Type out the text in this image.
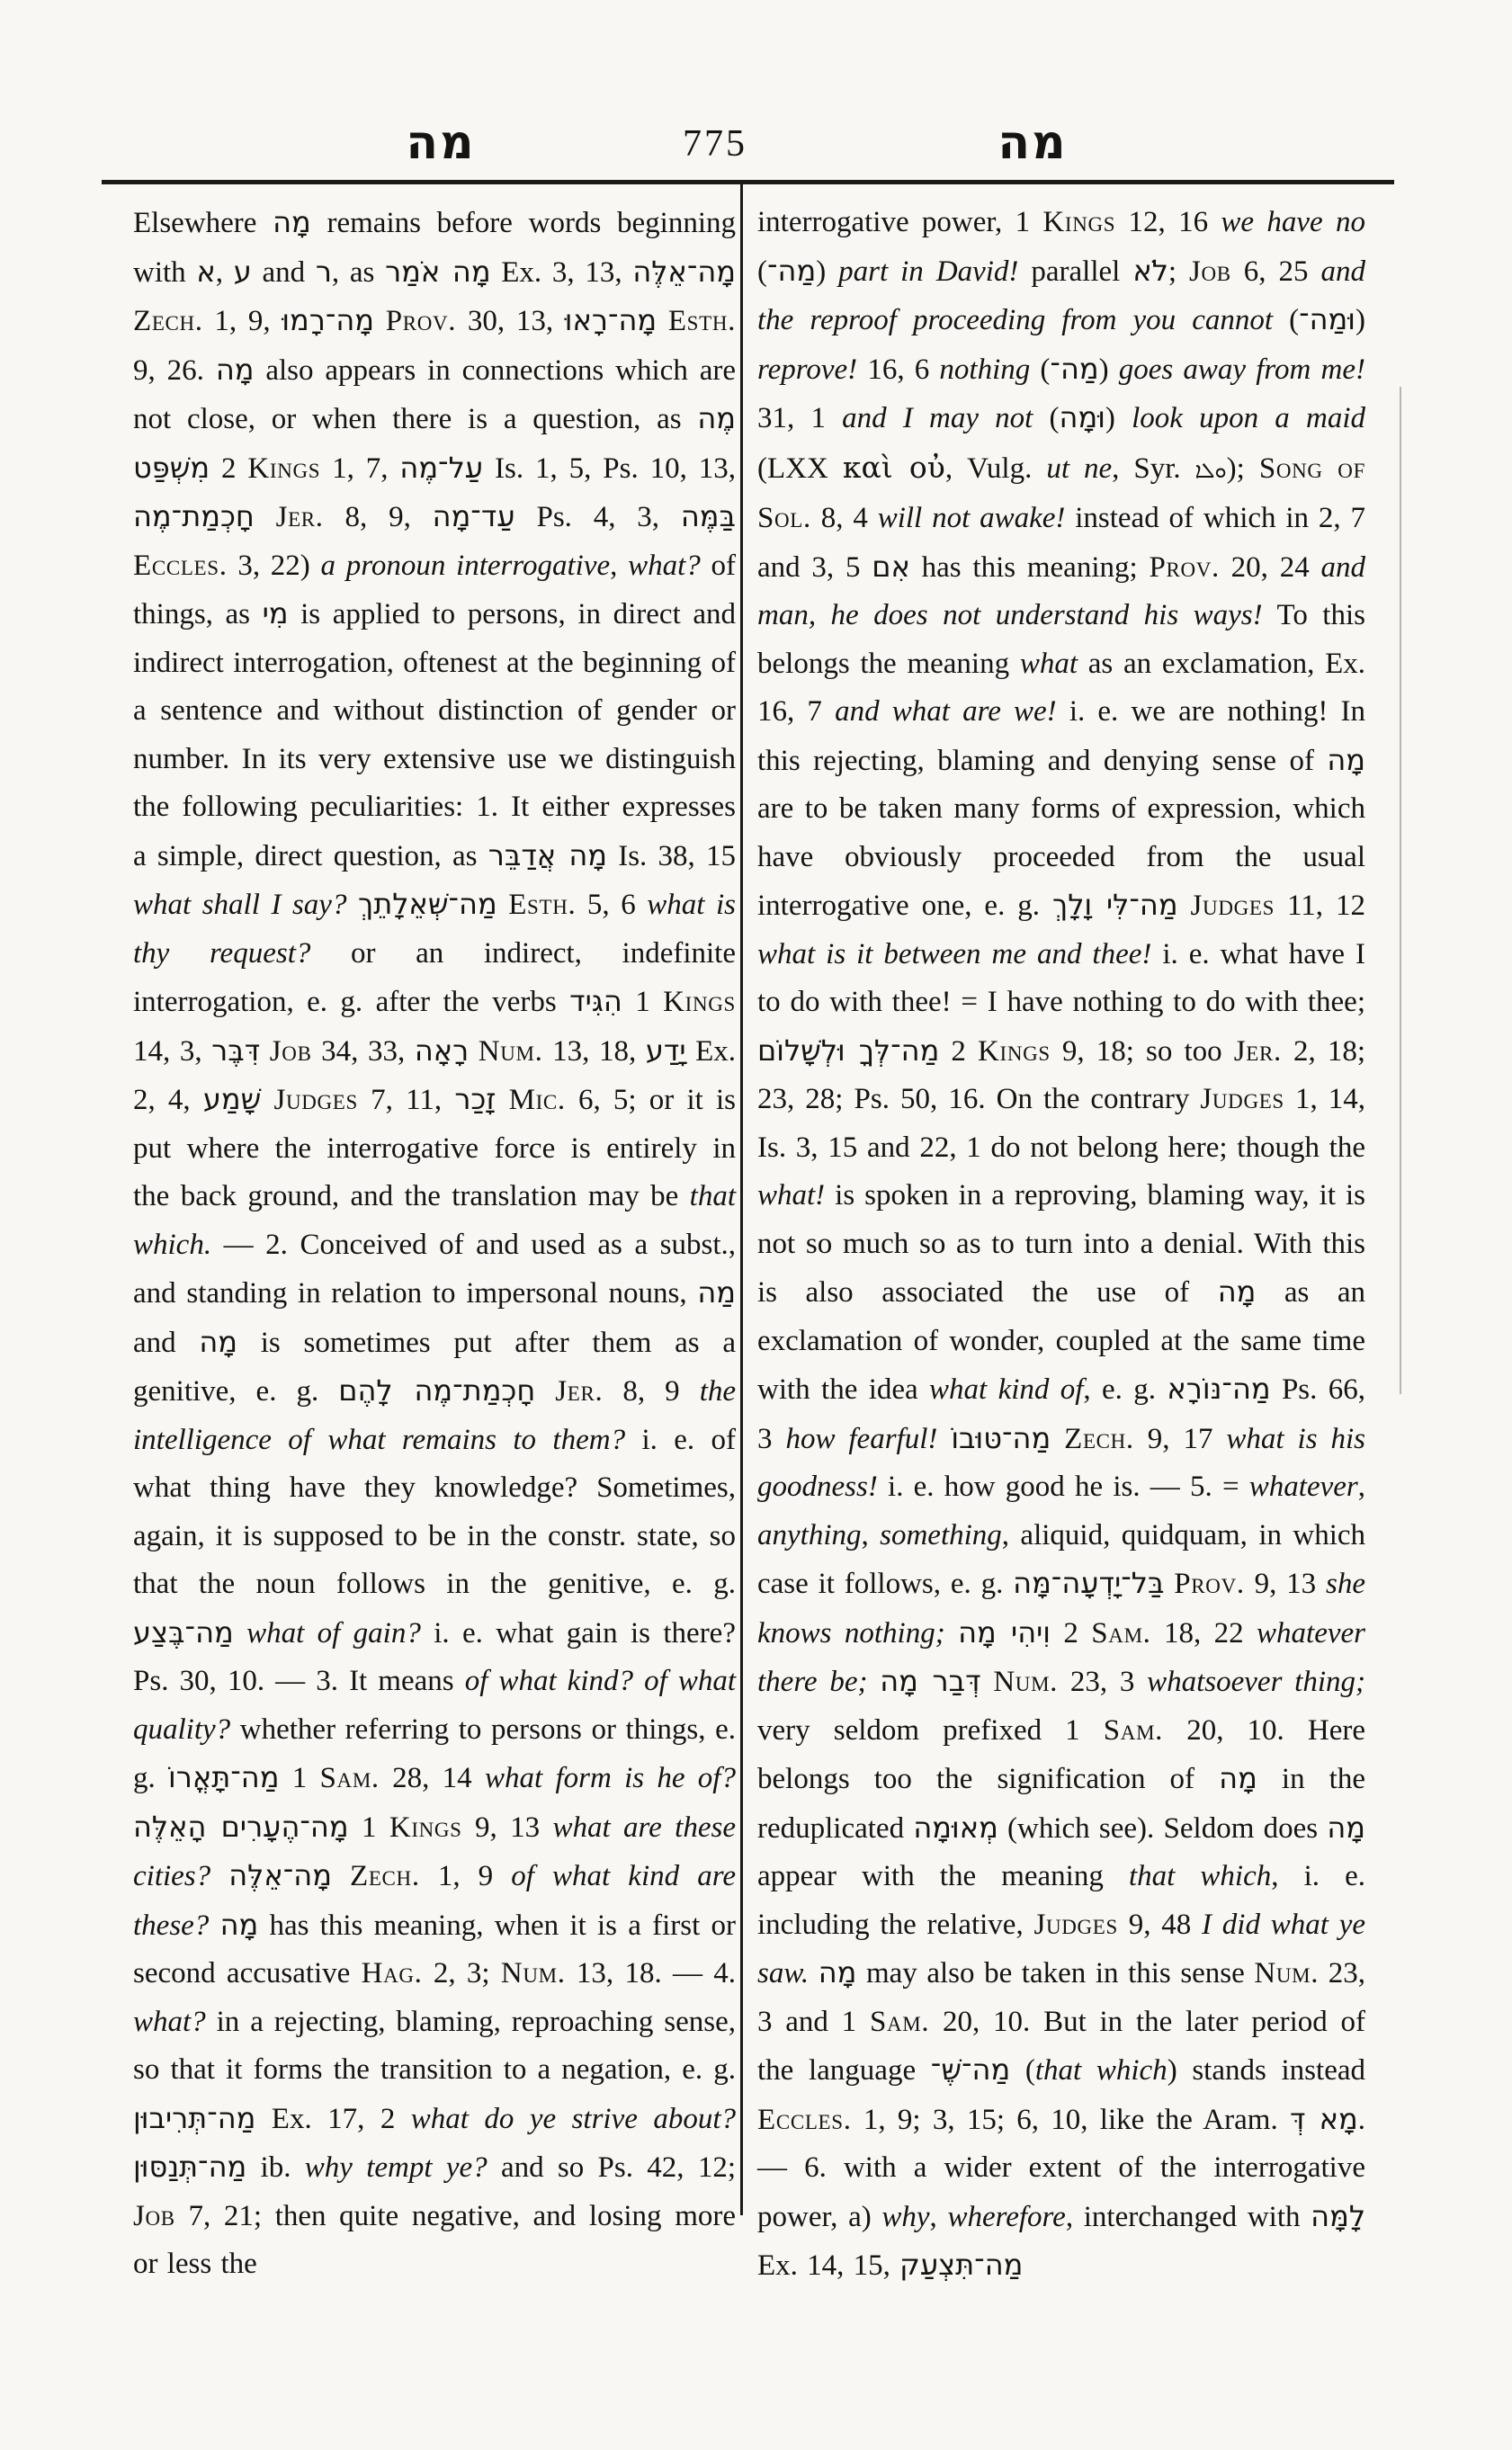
מה	775	מה
Elsewhere מָה remains before words beginning with א, ע and ר, as מָה אֹמַר Ex. 3, 13, מָה־אֵלֶּה Zech. 1, 9, מָה־רָמוּ Prov. 30, 13, מָה־רָאוּ Esth. 9, 26. מָה also appears in connections which are not close, or when there is a question, as מֶה מִשְׁפַּט 2 Kings 1, 7, עַל־מֶה Is. 1, 5, Ps. 10, 13, חָכְמַת־מֶה Jer. 8, 9, עַד־מָה Ps. 4, 3, בַּמֶּה Eccles. 3, 22) a pronoun interrogative, what? of things, as מִי is applied to persons, in direct and indirect interrogation, oftenest at the beginning of a sentence and without distinction of gender or number. In its very extensive use we distinguish the following peculiarities: 1. It either expresses a simple, direct question, as מָה אֲדַבֵּר Is. 38, 15 what shall I say? מַה־שְּׁאֵלָתֵךְ Esth. 5, 6 what is thy request? or an indirect, indefinite interrogation, e. g. after the verbs הִגִּיד 1 Kings 14, 3, דִּבֶּר Job 34, 33, רָאָה Num. 13, 18, יָדַע Ex. 2, 4, שָׁמַע Judges 7, 11, זָכַר Mic. 6, 5; or it is put where the interrogative force is entirely in the back ground, and the translation may be that which. — 2. Conceived of and used as a subst., and standing in relation to impersonal nouns, מַה and מָה is sometimes put after them as a genitive, e. g. חָכְמַת־מֶה לָהֶם Jer. 8, 9 the intelligence of what remains to them? i. e. of what thing have they knowledge? Sometimes, again, it is supposed to be in the constr. state, so that the noun follows in the genitive, e. g. מַה־בֶּצַע what of gain? i. e. what gain is there? Ps. 30, 10. — 3. It means of what kind? of what quality? whether referring to persons or things, e. g. מַה־תָּאֳרוֹ 1 Sam. 28, 14 what form is he of? מָה־הֶעָרִים הָאֵלֶּה 1 Kings 9, 13 what are these cities? מָה־אֵלֶּה Zech. 1, 9 of what kind are these? מָה has this meaning, when it is a first or second accusative Hag. 2, 3; Num. 13, 18. — 4. what? in a rejecting, blaming, reproaching sense, so that it forms the transition to a negation, e. g. מַה־תְּרִיבוּן Ex. 17, 2 what do ye strive about? מַה־תְּנַסּוּן ib. why tempt ye? and so Ps. 42, 12; Job 7, 21; then quite negative, and losing more or less the
interrogative power, 1 Kings 12, 16 we have no (מַה־) part in David! parallel לֹא; Job 6, 25 and the reproof proceeding from you cannot (וּמַה־) reprove! 16, 6 nothing (מַה־) goes away from me! 31, 1 and I may not (וּמָה) look upon a maid (LXX καὶ οὐ, Vulg. ut ne, Syr. ܘܠܐ); Song of Sol. 8, 4 will not awake! instead of which in 2, 7 and 3, 5 אִם has this meaning; Prov. 20, 24 and man, he does not understand his ways! To this belongs the meaning what as an exclamation, Ex. 16, 7 and what are we! i. e. we are nothing! In this rejecting, blaming and denying sense of מָה are to be taken many forms of expression, which have obviously proceeded from the usual interrogative one, e. g. מַה־לִּי וָלָךְ Judges 11, 12 what is it between me and thee! i. e. what have I to do with thee! = I have nothing to do with thee; מַה־לְּךָ וּלְשָׁלוֹם 2 Kings 9, 18; so too Jer. 2, 18; 23, 28; Ps. 50, 16. On the contrary Judges 1, 14, Is. 3, 15 and 22, 1 do not belong here; though the what! is spoken in a reproving, blaming way, it is not so much so as to turn into a denial. With this is also associated the use of מָה as an exclamation of wonder, coupled at the same time with the idea what kind of, e. g. מַה־נּוֹרָא Ps. 66, 3 how fearful! מַה־טּוּבוֹ Zech. 9, 17 what is his goodness! i. e. how good he is. — 5. = whatever, anything, something, aliquid, quidquam, in which case it follows, e. g. בַּל־יָדְעָה־מָּה Prov. 9, 13 she knows nothing; וִיהִי מָה 2 Sam. 18, 22 whatever there be; דְּבַר מָה Num. 23, 3 whatsoever thing; very seldom prefixed 1 Sam. 20, 10. Here belongs too the signification of מָה in the reduplicated מְאוּמָה (which see). Seldom does מָה appear with the meaning that which, i. e. including the relative, Judges 9, 48 I did what ye saw. מָה may also be taken in this sense Num. 23, 3 and 1 Sam. 20, 10. But in the later period of the language מַה־שֶּׁ־ (that which) stands instead Eccles. 1, 9; 3, 15; 6, 10, like the Aram. מָא דְּ. — 6. with a wider extent of the interrogative power, a) why, wherefore, interchanged with לָמָּה Ex. 14, 15, מַה־תִּצְעַק
